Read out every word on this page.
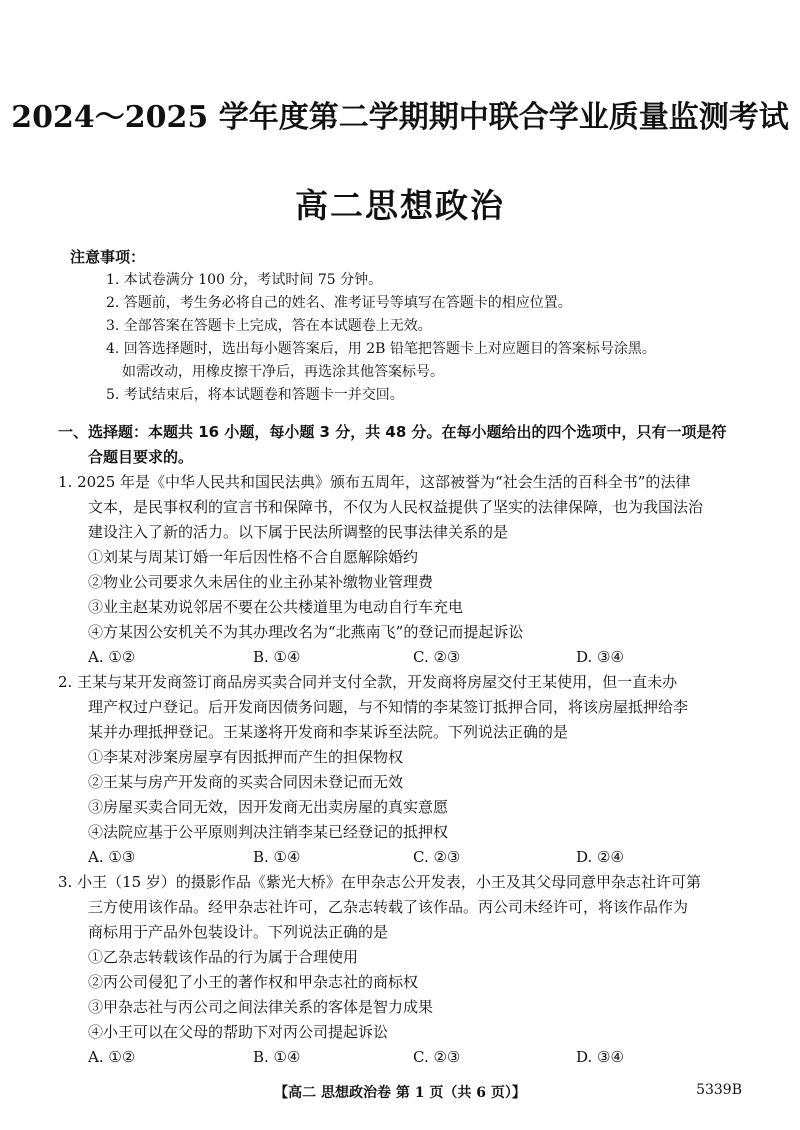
2024～2025 学年度第二学期期中联合学业质量监测考试
高二思想政治
注意事项：
1. 本试卷满分 100 分，考试时间 75 分钟。
2. 答题前，考生务必将自己的姓名、准考证号等填写在答题卡的相应位置。
3. 全部答案在答题卡上完成，答在本试题卷上无效。
4. 回答选择题时，选出每小题答案后，用 2B 铅笔把答题卡上对应题目的答案标号涂黑。
如需改动，用橡皮擦干净后，再选涂其他答案标号。
5. 考试结束后，将本试题卷和答题卡一并交回。
一、选择题：本题共 16 小题，每小题 3 分，共 48 分。在每小题给出的四个选项中，只有一项是符
合题目要求的。
1. 2025 年是《中华人民共和国民法典》颁布五周年，这部被誉为“社会生活的百科全书”的法律
文本，是民事权利的宣言书和保障书，不仅为人民权益提供了坚实的法律保障，也为我国法治
建设注入了新的活力。以下属于民法所调整的民事法律关系的是
①刘某与周某订婚一年后因性格不合自愿解除婚约
②物业公司要求久未居住的业主孙某补缴物业管理费
③业主赵某劝说邻居不要在公共楼道里为电动自行车充电
④方某因公安机关不为其办理改名为“北燕南飞”的登记而提起诉讼
A. ①②	B. ①④	C. ②③	D. ③④
2. 王某与某开发商签订商品房买卖合同并支付全款，开发商将房屋交付王某使用，但一直未办
理产权过户登记。后开发商因债务问题，与不知情的李某签订抵押合同，将该房屋抵押给李
某并办理抵押登记。王某遂将开发商和李某诉至法院。下列说法正确的是
①李某对涉案房屋享有因抵押而产生的担保物权
②王某与房产开发商的买卖合同因未登记而无效
③房屋买卖合同无效，因开发商无出卖房屋的真实意愿
④法院应基于公平原则判决注销李某已经登记的抵押权
A. ①③	B. ①④	C. ②③	D. ②④
3. 小王（15 岁）的摄影作品《紫光大桥》在甲杂志公开发表，小王及其父母同意甲杂志社许可第
三方使用该作品。经甲杂志社许可，乙杂志转载了该作品。丙公司未经许可，将该作品作为
商标用于产品外包装设计。下列说法正确的是
①乙杂志转载该作品的行为属于合理使用
②丙公司侵犯了小王的著作权和甲杂志社的商标权
③甲杂志社与丙公司之间法律关系的客体是智力成果
④小王可以在父母的帮助下对丙公司提起诉讼
A. ①②	B. ①④	C. ②③	D. ③④
【高二 思想政治卷 第 1 页（共 6 页）】	5339B
